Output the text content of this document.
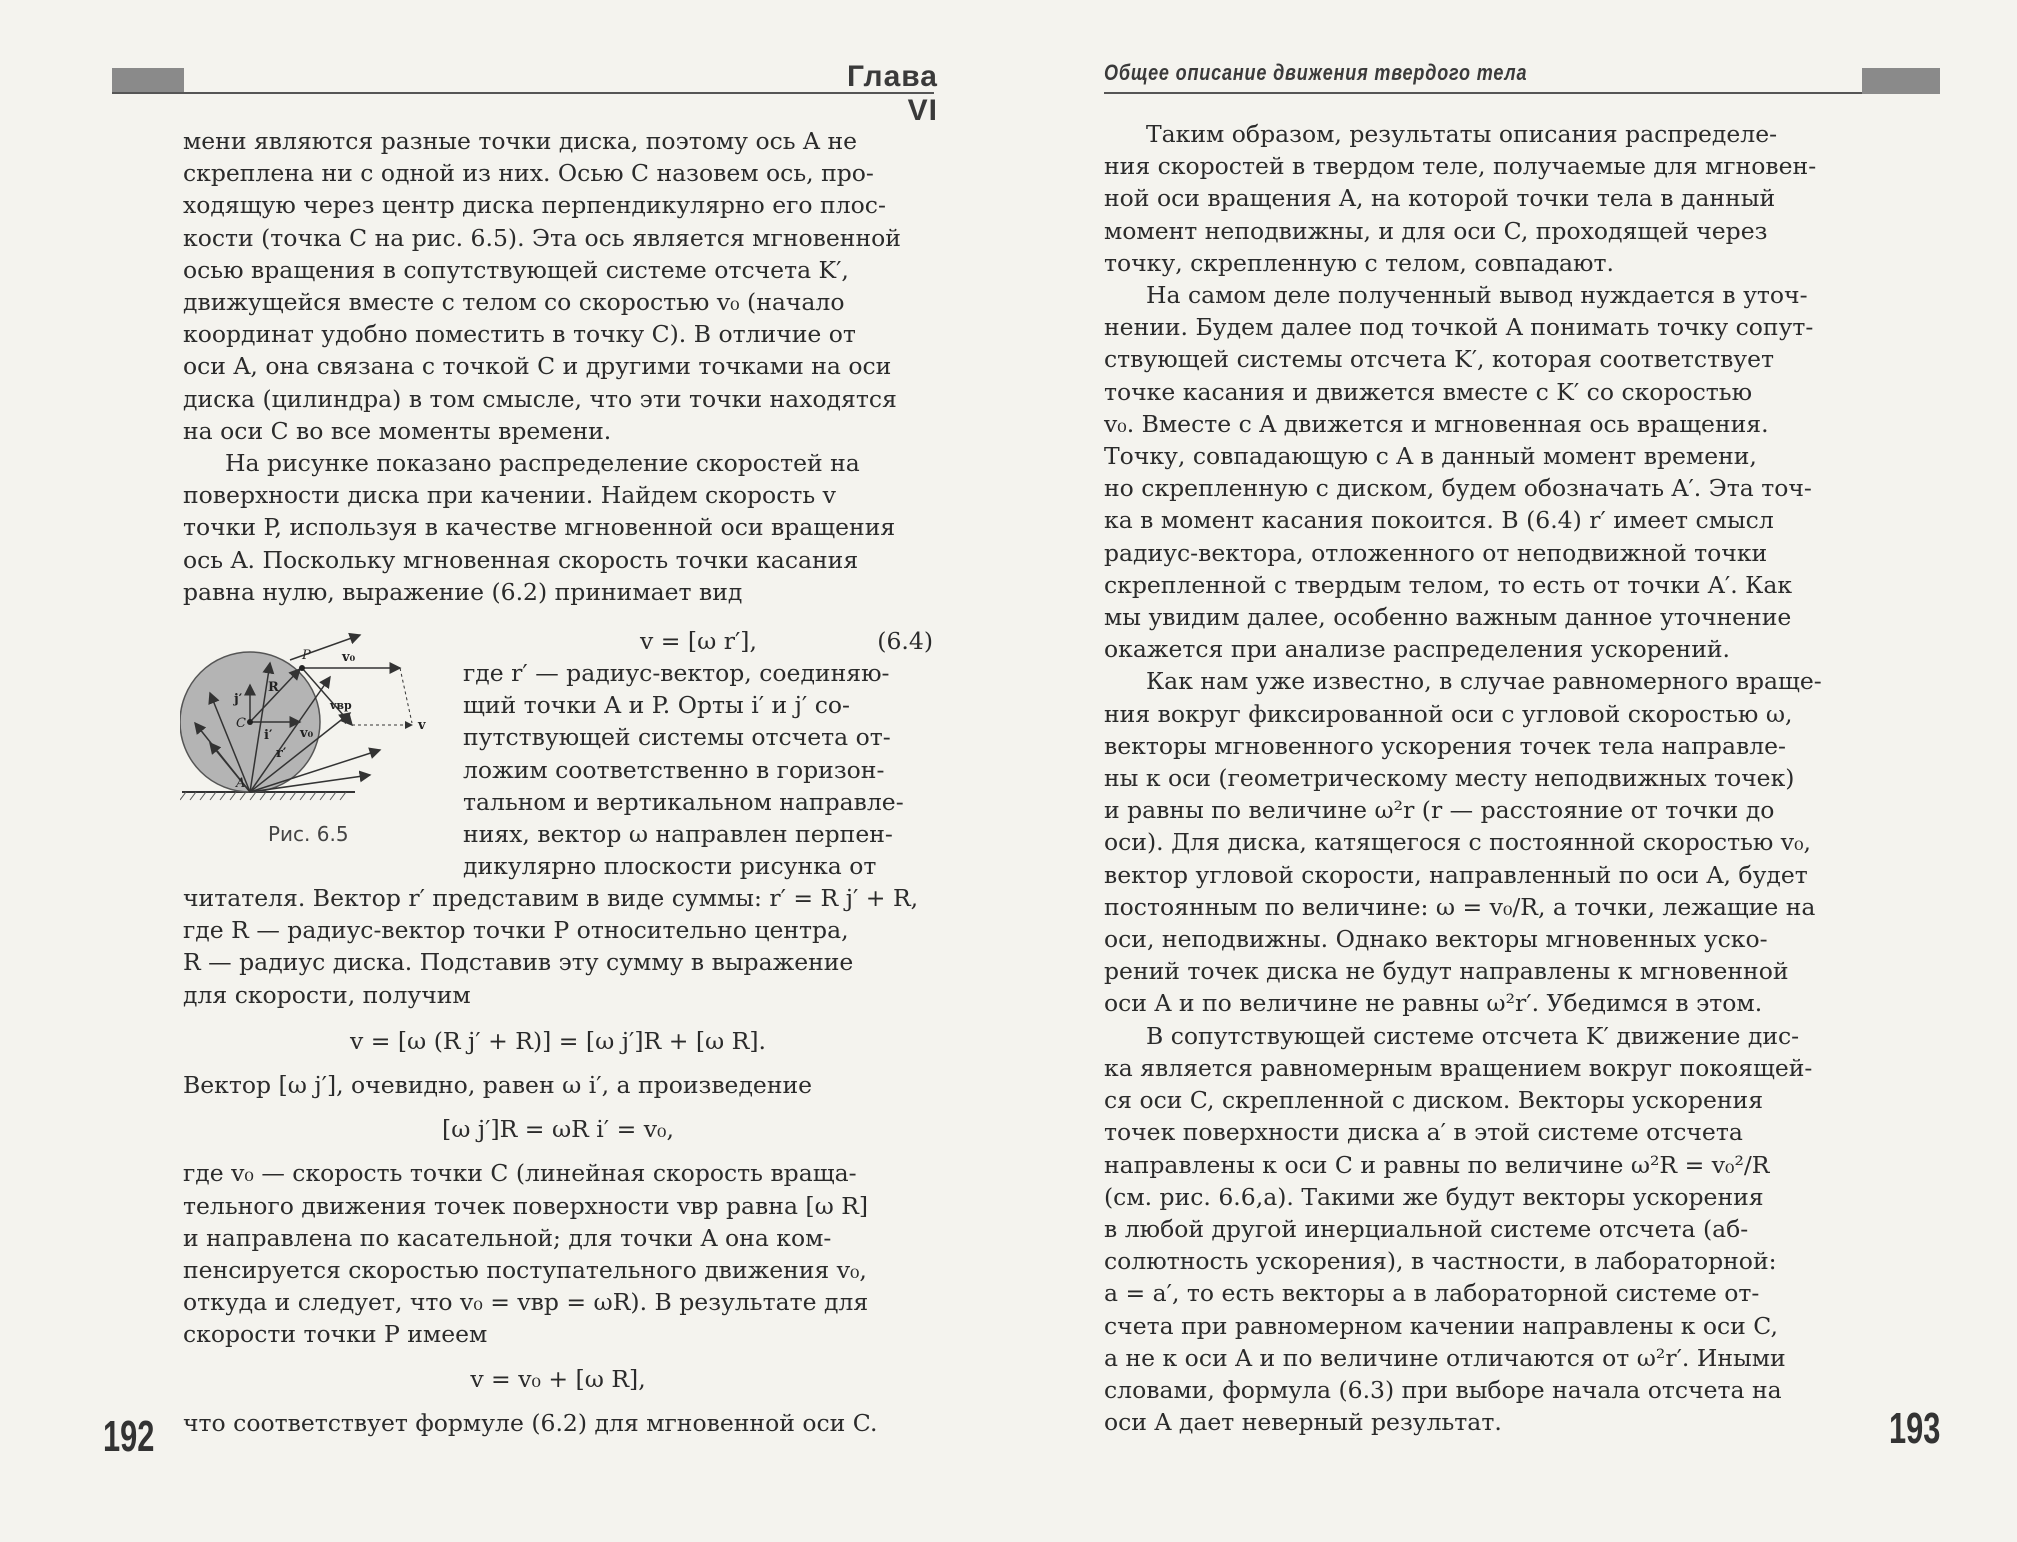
Глава VI

мени являются разные точки диска, поэтому ось A не

скреплена ни с одной из них. Осью C назовем ось, про-

ходящую через центр диска перпендикулярно его плос-

кости (точка C на рис. 6.5). Эта ось является мгновенной

осью вращения в сопутствующей системе отсчета K′,

движущейся вместе с телом со скоростью v₀ (начало

координат удобно поместить в точку C). В отличие от

оси A, она связана с точкой C и другими точками на оси

диска (цилиндра) в том смысле, что эти точки находятся

на оси C во все моменты времени.

На рисунке показано распределение скоростей на

поверхности диска при качении. Найдем скорость v

точки P, используя в качестве мгновенной оси вращения

ось A. Поскольку мгновенная скорость точки касания

равна нулю, выражение (6.2) принимает вид

v = [ω r′],	(6.4)
P v₀
vвр
v
R
j′
i′
C
r′
v₀
A
Рис. 6.5

где r′ — радиус-вектор, соединяю-

щий точки A и P. Орты i′ и j′ со-

путствующей системы отсчета от-

ложим соответственно в горизон-

тальном и вертикальном направле-

ниях, вектор ω направлен перпен-

дикулярно плоскости рисунка от

читателя. Вектор r′ представим в виде суммы: r′ = R j′ + R,

где R — радиус-вектор точки P относительно центра,

R — радиус диска. Подставив эту сумму в выражение

для скорости, получим

v = [ω (R j′ + R)] = [ω j′]R + [ω R].

Вектор [ω j′], очевидно, равен ω i′, а произведение

[ω j′]R = ωR i′ = v₀,

где v₀ — скорость точки C (линейная скорость враща-

тельного движения точек поверхности vвр равна [ω R]

и направлена по касательной; для точки A она ком-

пенсируется скоростью поступательного движения v₀,

откуда и следует, что v₀ = vвр = ωR). В результате для

скорости точки P имеем

v = v₀ + [ω R],

что соответствует формуле (6.2) для мгновенной оси C.

192
Общее описание движения твердого тела

Таким образом, результаты описания распределе-

ния скоростей в твердом теле, получаемые для мгновен-

ной оси вращения A, на которой точки тела в данный

момент неподвижны, и для оси C, проходящей через

точку, скрепленную с телом, совпадают.

На самом деле полученный вывод нуждается в уточ-

нении. Будем далее под точкой A понимать точку сопут-

ствующей системы отсчета K′, которая соответствует

точке касания и движется вместе с K′ со скоростью

v₀. Вместе с A движется и мгновенная ось вращения.

Точку, совпадающую с A в данный момент времени,

но скрепленную с диском, будем обозначать A′. Эта точ-

ка в момент касания покоится. В (6.4) r′ имеет смысл

радиус-вектора, отложенного от неподвижной точки

скрепленной с твердым телом, то есть от точки A′. Как

мы увидим далее, особенно важным данное уточнение

окажется при анализе распределения ускорений.

Как нам уже известно, в случае равномерного враще-

ния вокруг фиксированной оси с угловой скоростью ω,

векторы мгновенного ускорения точек тела направле-

ны к оси (геометрическому месту неподвижных точек)

и равны по величине ω²r (r — расстояние от точки до

оси). Для диска, катящегося с постоянной скоростью v₀,

вектор угловой скорости, направленный по оси A, будет

постоянным по величине: ω = v₀/R, а точки, лежащие на

оси, неподвижны. Однако векторы мгновенных уско-

рений точек диска не будут направлены к мгновенной

оси A и по величине не равны ω²r′. Убедимся в этом.

В сопутствующей системе отсчета K′ движение дис-

ка является равномерным вращением вокруг покоящей-

ся оси C, скрепленной с диском. Векторы ускорения

точек поверхности диска a′ в этой системе отсчета

направлены к оси C и равны по величине ω²R = v₀²/R

(см. рис. 6.6,а). Такими же будут векторы ускорения

в любой другой инерциальной системе отсчета (аб-

солютность ускорения), в частности, в лабораторной:

a = a′, то есть векторы a в лабораторной системе от-

счета при равномерном качении направлены к оси C,

а не к оси A и по величине отличаются от ω²r′. Иными

словами, формула (6.3) при выборе начала отсчета на

оси A дает неверный результат.	193
